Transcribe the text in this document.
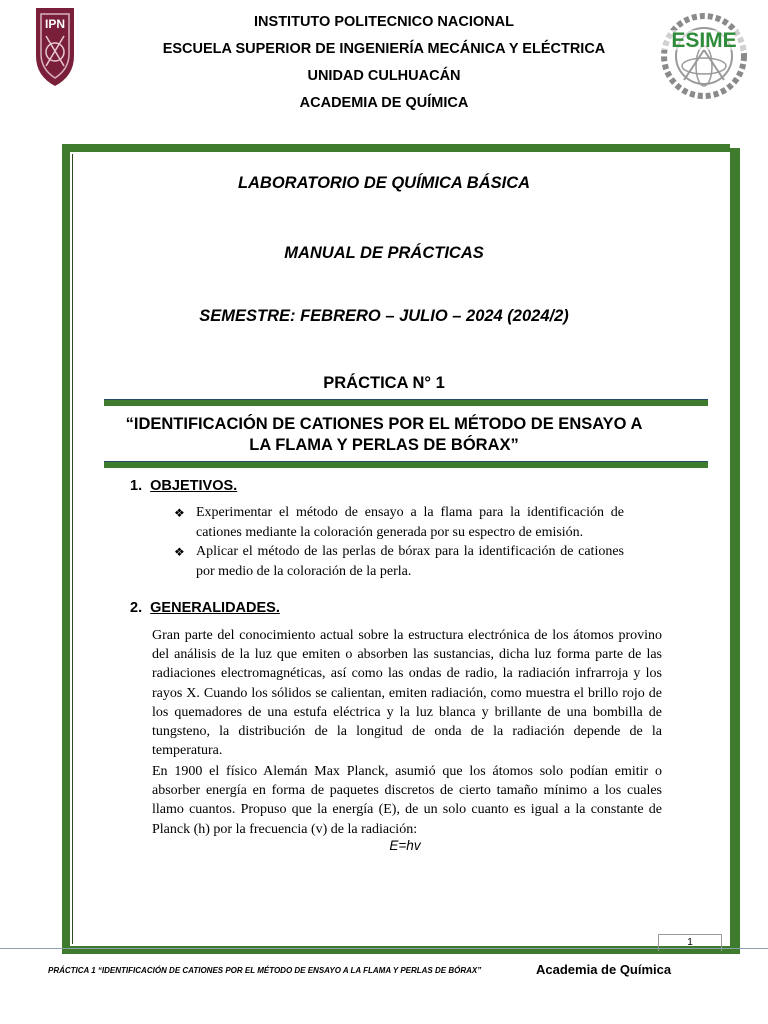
IPN
ESIME
INSTITUTO POLITECNICO NACIONAL
ESCUELA SUPERIOR DE INGENIERÍA MECÁNICA Y ELÉCTRICA
UNIDAD CULHUACÁN
ACADEMIA DE QUÍMICA
LABORATORIO DE QUÍMICA BÁSICA
MANUAL DE PRÁCTICAS
SEMESTRE: FEBRERO – JULIO – 2024 (2024/2)
PRÁCTICA N° 1
“IDENTIFICACIÓN DE CATIONES POR EL MÉTODO DE ENSAYO A
LA FLAMA Y PERLAS DE BÓRAX”
1. OBJETIVOS.
❖ Experimentar el método de ensayo a la flama para la identificación de cationes mediante la coloración generada por su espectro de emisión.
❖ Aplicar el método de las perlas de bórax para la identificación de cationes por medio de la coloración de la perla.
2. GENERALIDADES.
Gran parte del conocimiento actual sobre la estructura electrónica de los átomos provino del análisis de la luz que emiten o absorben las sustancias, dicha luz forma parte de las radiaciones electromagnéticas, así como las ondas de radio, la radiación infrarroja y los rayos X. Cuando los sólidos se calientan, emiten radiación, como muestra el brillo rojo de los quemadores de una estufa eléctrica y la luz blanca y brillante de una bombilla de tungsteno, la distribución de la longitud de onda de la radiación depende de la temperatura.
En 1900 el físico Alemán Max Planck, asumió que los átomos solo podían emitir o absorber energía en forma de paquetes discretos de cierto tamaño mínimo a los cuales llamo cuantos. Propuso que la energía (E), de un solo cuanto es igual a la constante de Planck (h) por la frecuencia (v) de la radiación:
E=hv
1
PRÁCTICA 1 “IDENTIFICACIÓN DE CATIONES POR EL MÉTODO DE ENSAYO A LA FLAMA Y PERLAS DE BÓRAX”	Academia de Química
